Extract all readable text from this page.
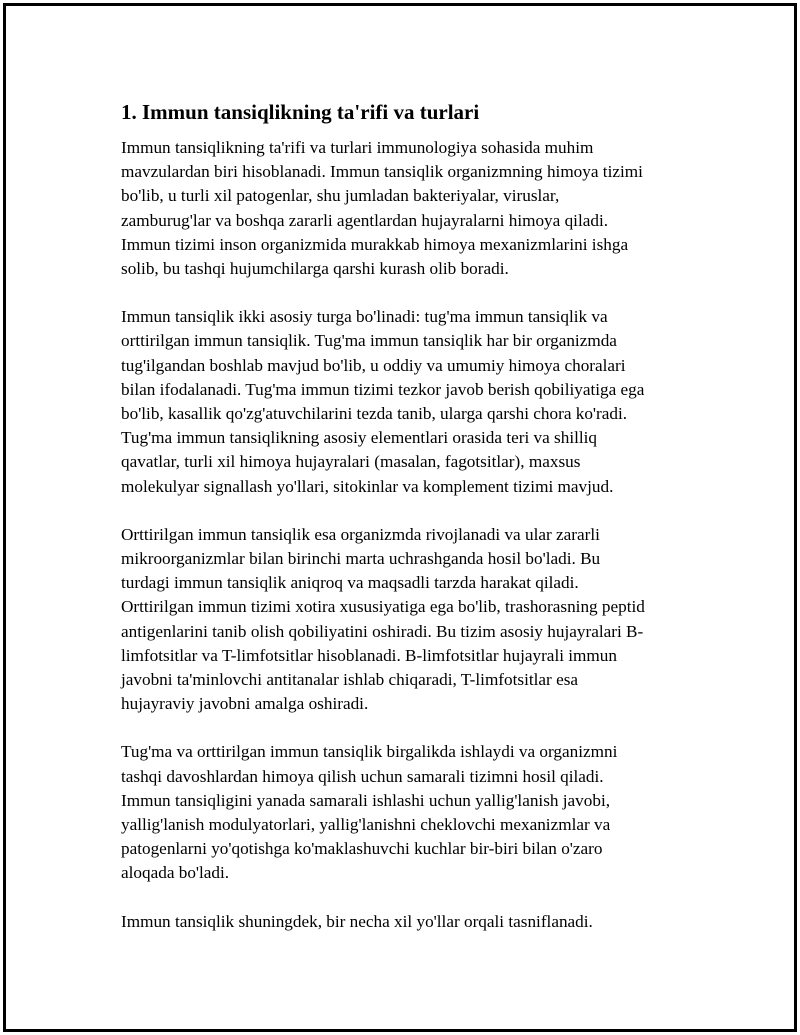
1. Immun tansiqlikning ta'rifi va turlari

Immun tansiqlikning ta'rifi va turlari immunologiya sohasida muhim
mavzulardan biri hisoblanadi. Immun tansiqlik organizmning himoya tizimi
bo'lib, u turli xil patogenlar, shu jumladan bakteriyalar, viruslar,
zamburug'lar va boshqa zararli agentlardan hujayralarni himoya qiladi.
Immun tizimi inson organizmida murakkab himoya mexanizmlarini ishga
solib, bu tashqi hujumchilarga qarshi kurash olib boradi.

Immun tansiqlik ikki asosiy turga bo'linadi: tug'ma immun tansiqlik va
orttirilgan immun tansiqlik. Tug'ma immun tansiqlik har bir organizmda
tug'ilgandan boshlab mavjud bo'lib, u oddiy va umumiy himoya choralari
bilan ifodalanadi. Tug'ma immun tizimi tezkor javob berish qobiliyatiga ega
bo'lib, kasallik qo'zg'atuvchilarini tezda tanib, ularga qarshi chora ko'radi.
Tug'ma immun tansiqlikning asosiy elementlari orasida teri va shilliq
qavatlar, turli xil himoya hujayralari (masalan, fagotsitlar), maxsus
molekulyar signallash yo'llari, sitokinlar va komplement tizimi mavjud.

Orttirilgan immun tansiqlik esa organizmda rivojlanadi va ular zararli
mikroorganizmlar bilan birinchi marta uchrashganda hosil bo'ladi. Bu
turdagi immun tansiqlik aniqroq va maqsadli tarzda harakat qiladi.
Orttirilgan immun tizimi xotira xususiyatiga ega bo'lib, trashorasning peptid
antigenlarini tanib olish qobiliyatini oshiradi. Bu tizim asosiy hujayralari B-
limfotsitlar va T-limfotsitlar hisoblanadi. B-limfotsitlar hujayrali immun
javobni ta'minlovchi antitanalar ishlab chiqaradi, T-limfotsitlar esa
hujayraviy javobni amalga oshiradi.

Tug'ma va orttirilgan immun tansiqlik birgalikda ishlaydi va organizmni
tashqi davoshlardan himoya qilish uchun samarali tizimni hosil qiladi.
Immun tansiqligini yanada samarali ishlashi uchun yallig'lanish javobi,
yallig'lanish modulyatorlari, yallig'lanishni cheklovchi mexanizmlar va
patogenlarni yo'qotishga ko'maklashuvchi kuchlar bir-biri bilan o'zaro
aloqada bo'ladi.

Immun tansiqlik shuningdek, bir necha xil yo'llar orqali tasniflanadi.
